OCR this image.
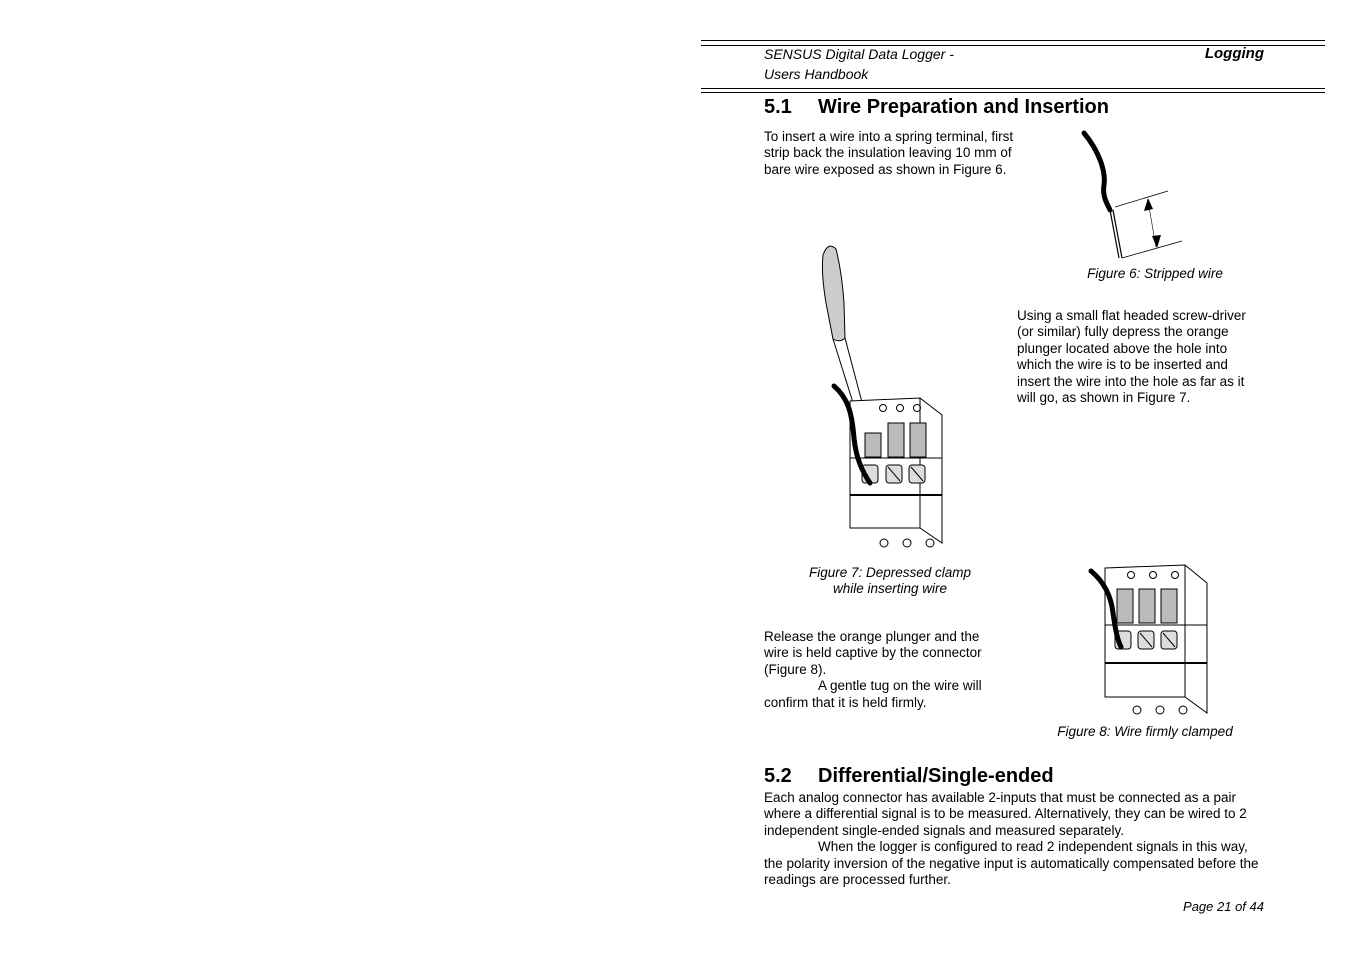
SENSUS Digital Data Logger -
Users Handbook
Logging
5.1 Wire Preparation and Insertion
To insert a wire into a spring terminal, first strip back the insulation leaving 10 mm of bare wire exposed as shown in Figure 6.
Figure 6: Stripped wire
Figure 7: Depressed clamp
while inserting wire
Using a small flat headed screw-driver (or similar) fully depress the orange plunger located above the hole into which the wire is to be inserted and insert the wire into the hole as far as it will go, as shown in Figure 7.
Release the orange plunger and the wire is held captive by the connector (Figure 8).
A gentle tug on the wire will confirm that it is held firmly.
Figure 8: Wire firmly clamped
5.2 Differential/Single-ended
Each analog connector has available 2-inputs that must be connected as a pair where a differential signal is to be measured. Alternatively, they can be wired to 2 independent single-ended signals and measured separately.
When the logger is configured to read 2 independent signals in this way, the polarity inversion of the negative input is automatically compensated before the readings are processed further.
Page 21 of 44
